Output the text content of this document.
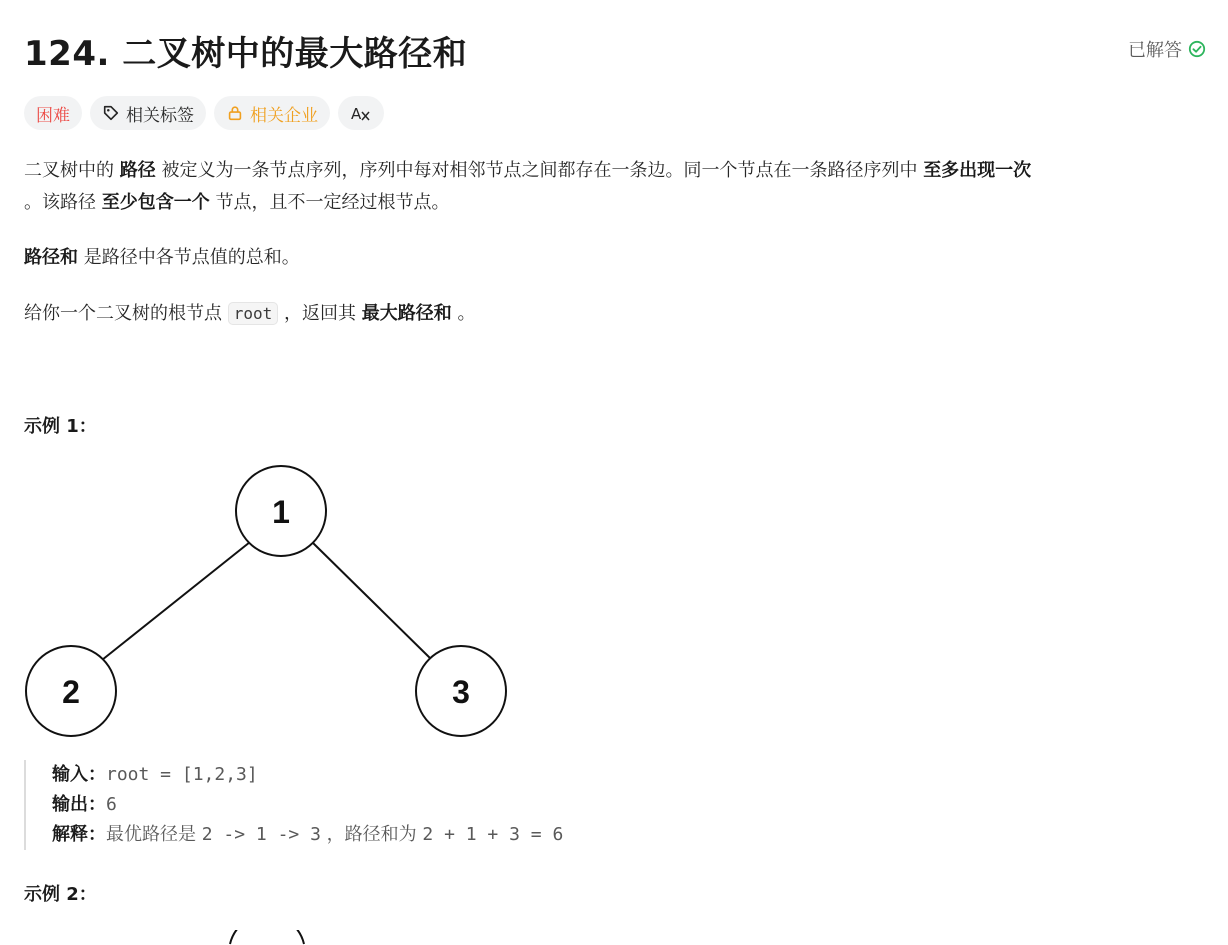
124. 二叉树中的最大路径和	已解答
困难	相关标签	相关企业 A
二叉树中的 路径 被定义为一条节点序列，序列中每对相邻节点之间都存在一条边。同一个节点在一条路径序列中 至多出现一次
。该路径 至少包含一个 节点，且不一定经过根节点。
路径和 是路径中各节点值的总和。
给你一个二叉树的根节点 root ，返回其 最大路径和 。
示例 1：
1
2	3
输入：root = [1,2,3]
输出：6
解释：最优路径是 2 -> 1 -> 3 ，路径和为 2 + 1 + 3 = 6
示例 2：
